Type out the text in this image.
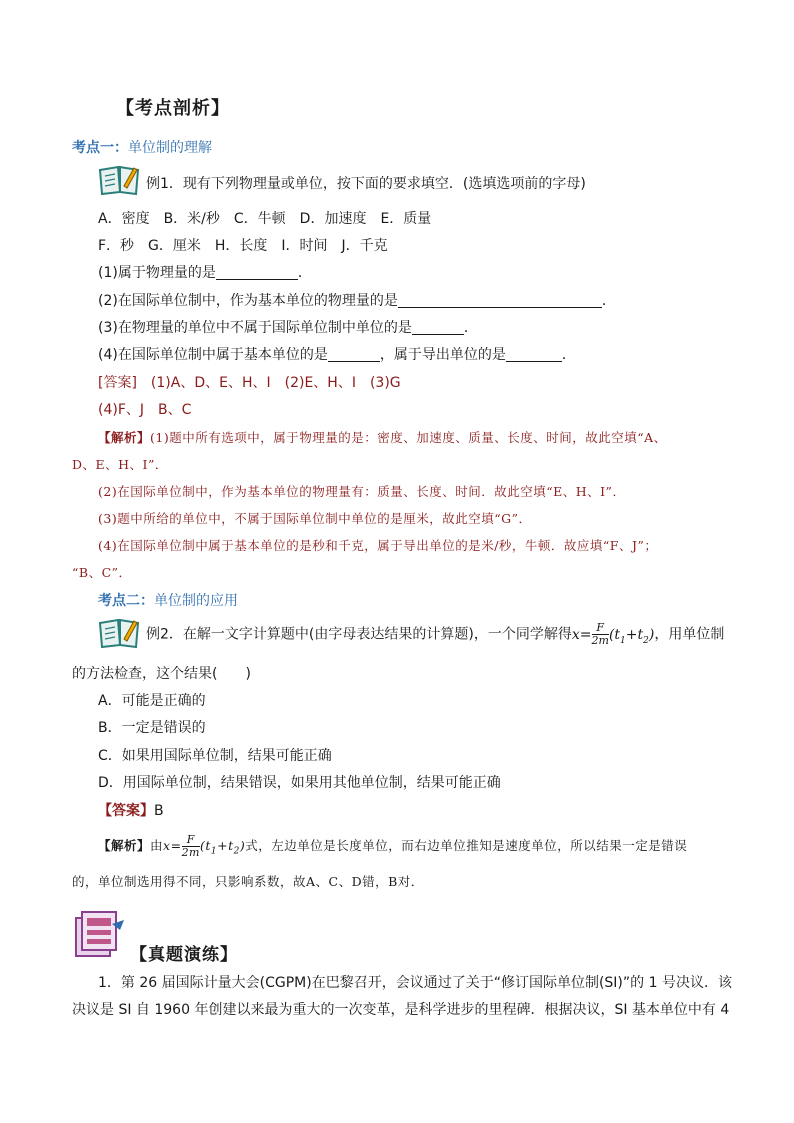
【考点剖析】
考点一：单位制的理解
例1．现有下列物理量或单位，按下面的要求填空．(选填选项前的字母)
A．密度　B．米/秒　C．牛顿　D．加速度　E．质量
F．秒　G．厘米　H．长度　I．时间　J．千克
(1)属于物理量的是	．
(2)在国际单位制中，作为基本单位的物理量的是	．
(3)在物理量的单位中不属于国际单位制中单位的是	．
(4)在国际单位制中属于基本单位的是	，属于导出单位的是	．
[答案]　(1)A、D、E、H、I　(2)E、H、I　(3)G
(4)F、J　B、C
【解析】(1)题中所有选项中，属于物理量的是：密度、加速度、质量、长度、时间，故此空填“A、
D、E、H、I”．
(2)在国际单位制中，作为基本单位的物理量有：质量、长度、时间．故此空填“E、H、I”．
(3)题中所给的单位中，不属于国际单位制中单位的是厘米，故此空填“G”．
(4)在国际单位制中属于基本单位的是秒和千克，属于导出单位的是米/秒，牛顿．故应填“F、J”；
“B、C”．
考点二：单位制的应用
例2．在解一文字计算题中(由字母表达结果的计算题)，一个同学解得$x= \frac{F}{2m} (t_1+t_2)$，用单位制
的方法检查，这个结果(　　)
A．可能是正确的
B．一定是错误的
C．如果用国际单位制，结果可能正确
D．用国际单位制，结果错误，如果用其他单位制，结果可能正确
【答案】B
【解析】由$x= \frac{F}{2m} (t_1+t_2)$式，左边单位是长度单位，而右边单位推知是速度单位，所以结果一定是错误
的，单位制选用得不同，只影响系数，故A、C、D错，B对．
【真题演练】
1．第 26 届国际计量大会(CGPM)在巴黎召开，会议通过了关于“修订国际单位制(SI)”的 1 号决议．该
决议是 SI 自 1960 年创建以来最为重大的一次变革，是科学进步的里程碑．根据决议，SI 基本单位中有 4
